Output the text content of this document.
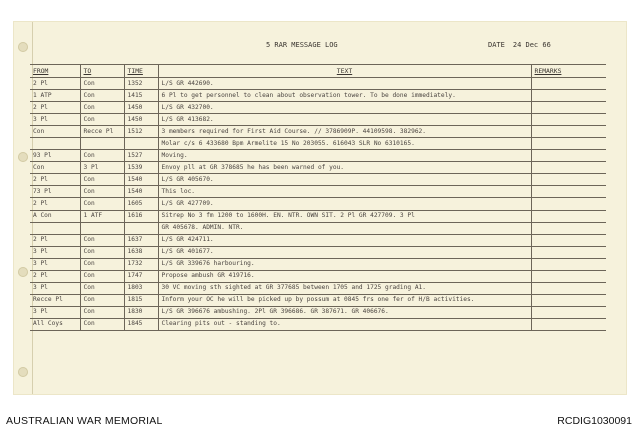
5 RAR MESSAGE LOG	DATE 24 Dec 66
FROM	TO	TIME	TEXT	REMARKS
2 Pl	Con	1352	L/S GR 442690.	
1 ATP	Con	1415	6 Pl to get personnel to clean about observation tower. To be done immediately.	
2 Pl	Con	1450	L/S GR 432700.	
3 Pl	Con	1450	L/S GR 413682.	
Con	Recce Pl	1512	3 members required for First Aid Course. // 3786909P. 44109598. 382962.	
			Molar c/s 6 433680 Bpm Armelite 15 No 203055. 616043 SLR No 6310165.	
93 Pl	Con	1527	Moving.	
Con	3 Pl	1539	Envoy pll at GR 378685 he has been warned of you.	
2 Pl	Con	1540	L/S GR 405670.	
73 Pl	Con	1540	This loc.	
2 Pl	Con	1605	L/S GR 427709.	
A Con	1 ATF	1616	Sitrep No 3 fm 1200 to 1600H. EN. NTR. OWN SIT. 2 Pl GR 427709. 3 Pl	
			GR 405678. ADMIN. NTR.	
2 Pl	Con	1637	L/S GR 424711.	
3 Pl	Con	1638	L/S GR 401677.	
3 Pl	Con	1732	L/S GR 339676 harbouring.	
2 Pl	Con	1747	Propose ambush GR 419716.	
3 Pl	Con	1803	30 VC moving sth sighted at GR 377685 between 1705 and 1725 grading A1.	
Recce Pl	Con	1815	Inform your OC he will be picked up by possum at 0845 frs one fer of H/B activities.	
3 Pl	Con	1830	L/S GR 396676 ambushing. 2Pl GR 396686. GR 387671. GR 406676.	
All Coys	Con	1845	Clearing pits out - standing to.	
AUSTRALIAN WAR MEMORIAL	RCDIG1030091
